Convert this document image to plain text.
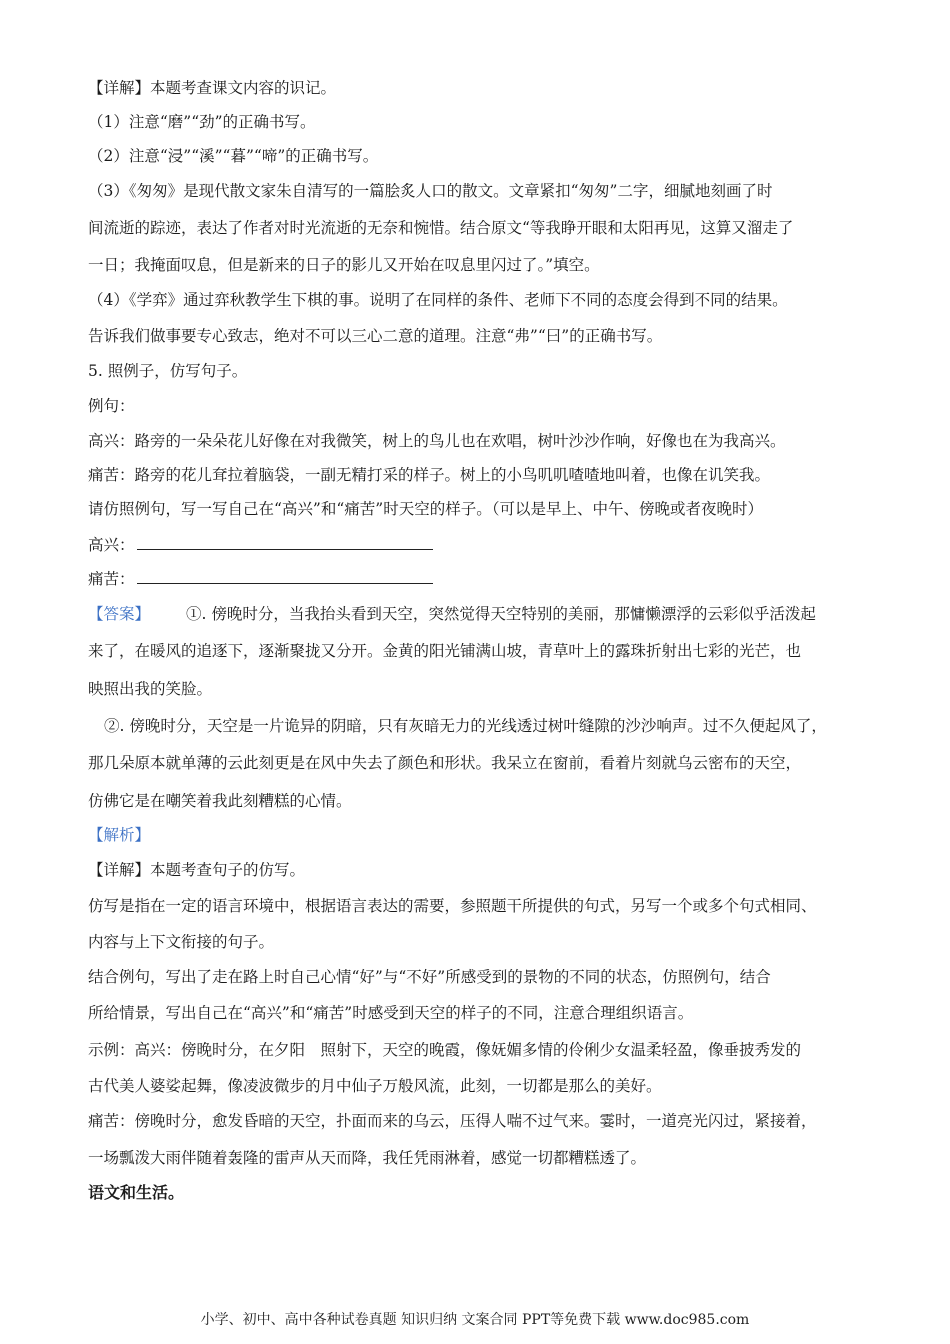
【详解】本题考查课文内容的识记。
（1）注意“磨”“劲”的正确书写。
（2）注意“浸”“溪”“暮”“啼”的正确书写。
（3）《匆匆》是现代散文家朱自清写的一篇脍炙人口的散文。文章紧扣“匆匆”二字，细腻地刻画了时
间流逝的踪迹，表达了作者对时光流逝的无奈和惋惜。结合原文“等我睁开眼和太阳再见，这算又溜走了
一日；我掩面叹息，但是新来的日子的影儿又开始在叹息里闪过了。”填空。
（4）《学弈》通过弈秋教学生下棋的事。说明了在同样的条件、老师下不同的态度会得到不同的结果。
告诉我们做事要专心致志，绝对不可以三心二意的道理。注意“弗”“曰”的正确书写。
5. 照例子，仿写句子。
例句：
高兴：路旁的一朵朵花儿好像在对我微笑，树上的鸟儿也在欢唱，树叶沙沙作响，好像也在为我高兴。
痛苦：路旁的花儿耷拉着脑袋，一副无精打采的样子。树上的小鸟叽叽喳喳地叫着，也像在讥笑我。
请仿照例句，写一写自己在“高兴”和“痛苦”时天空的样子。（可以是早上、中午、傍晚或者夜晚时）
高兴：
痛苦：
【答案】 ①. 傍晚时分，当我抬头看到天空，突然觉得天空特别的美丽，那慵懒漂浮的云彩似乎活泼起
来了，在暖风的追逐下，逐渐聚拢又分开。金黄的阳光铺满山坡，青草叶上的露珠折射出七彩的光芒，也
映照出我的笑脸。
②. 傍晚时分，天空是一片诡异的阴暗，只有灰暗无力的光线透过树叶缝隙的沙沙响声。过不久便起风了，
那几朵原本就单薄的云此刻更是在风中失去了颜色和形状。我呆立在窗前，看着片刻就乌云密布的天空，
仿佛它是在嘲笑着我此刻糟糕的心情。
【解析】
【详解】本题考查句子的仿写。
仿写是指在一定的语言环境中，根据语言表达的需要，参照题干所提供的句式，另写一个或多个句式相同、
内容与上下文衔接的句子。
结合例句，写出了走在路上时自己心情“好”与“不好”所感受到的景物的不同的状态，仿照例句，结合
所给情景，写出自己在“高兴”和“痛苦”时感受到天空的样子的不同，注意合理组织语言。
示例：高兴：傍晚时分，在夕阳　照射下，天空的晚霞，像妩媚多情的伶俐少女温柔轻盈，像垂披秀发的
古代美人婆娑起舞，像凌波微步的月中仙子万般风流，此刻，一切都是那么的美好。
痛苦：傍晚时分，愈发昏暗的天空，扑面而来的乌云，压得人喘不过气来。霎时，一道亮光闪过，紧接着，
一场瓢泼大雨伴随着轰隆的雷声从天而降，我任凭雨淋着，感觉一切都糟糕透了。
语文和生活。
小学、初中、高中各种试卷真题 知识归纳 文案合同 PPT等免费下载 www.doc985.com
